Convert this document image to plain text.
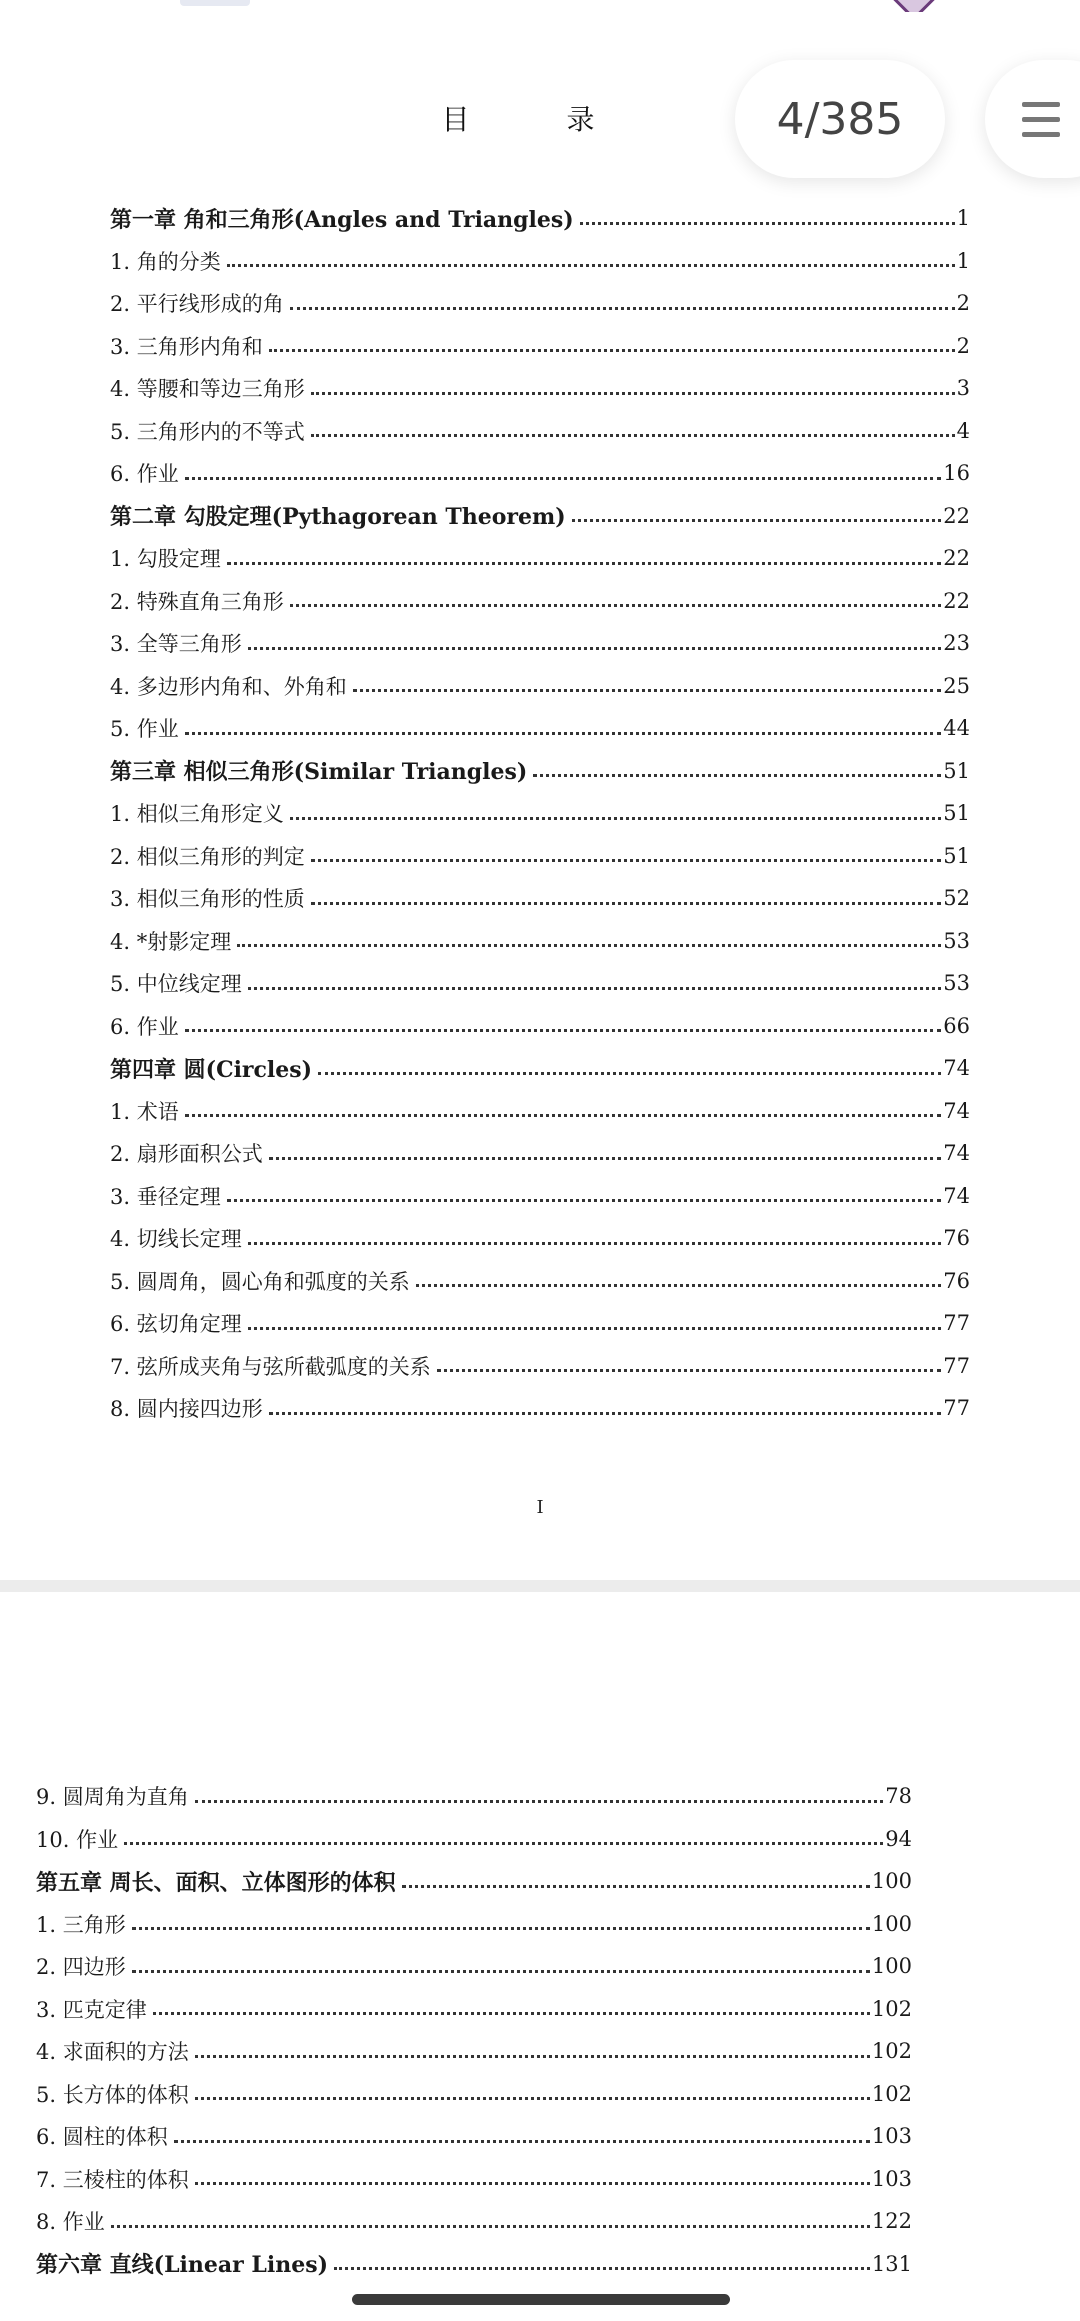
目 录
第一章 角和三角形(Angles and Triangles)	1
1. 角的分类	1
2. 平行线形成的角	2
3. 三角形内角和	2
4. 等腰和等边三角形	3
5. 三角形内的不等式	4
6. 作业	16
第二章 勾股定理(Pythagorean Theorem)	22
1. 勾股定理	22
2. 特殊直角三角形	22
3. 全等三角形	23
4. 多边形内角和、外角和	25
5. 作业	44
第三章 相似三角形(Similar Triangles)	51
1. 相似三角形定义	51
2. 相似三角形的判定	51
3. 相似三角形的性质	52
4. *射影定理	53
5. 中位线定理	53
6. 作业	66
第四章 圆(Circles)	74
1. 术语	74
2. 扇形面积公式	74
3. 垂径定理	74
4. 切线长定理	76
5. 圆周角，圆心角和弧度的关系	76
6. 弦切角定理	77
7. 弦所成夹角与弦所截弧度的关系	77
8. 圆内接四边形	77
I
9. 圆周角为直角	78
10. 作业	94
第五章 周长、面积、立体图形的体积	100
1. 三角形	100
2. 四边形	100
3. 匹克定律	102
4. 求面积的方法	102
5. 长方体的体积	102
6. 圆柱的体积	103
7. 三棱柱的体积	103
8. 作业	122
第六章 直线(Linear Lines)	131
4/385
